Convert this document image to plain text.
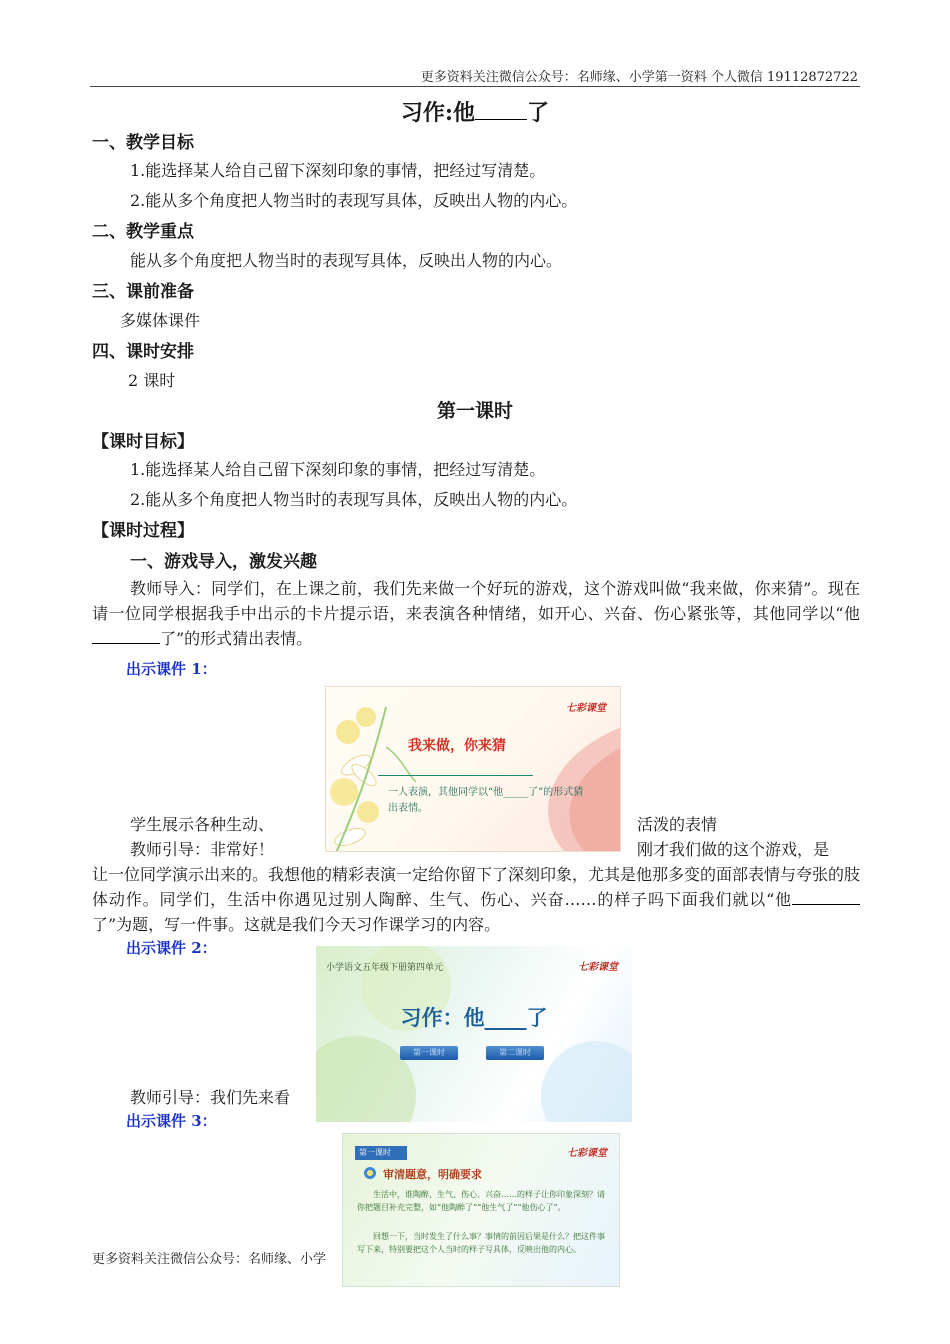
更多资料关注微信公众号：名师缘、小学第一资料 个人微信 19112872722
习作:他 了
一、教学目标
1.能选择某人给自己留下深刻印象的事情，把经过写清楚。
2.能从多个角度把人物当时的表现写具体，反映出人物的内心。
二、教学重点
能从多个角度把人物当时的表现写具体，反映出人物的内心。
三、课前准备
多媒体课件
四、课时安排
2 课时
第一课时
【课时目标】
1.能选择某人给自己留下深刻印象的事情，把经过写清楚。
2.能从多个角度把人物当时的表现写具体，反映出人物的内心。
【课时过程】
一、游戏导入，激发兴趣
教师导入：同学们，在上课之前，我们先来做一个好玩的游戏，这个游戏叫做“我来做，你来猜”。现在请一位同学根据我手中出示的卡片提示语，来表演各种情绪，如开心、兴奋、伤心紧张等，其他同学以“他了”的形式猜出表情。
出示课件 1：
七彩课堂
我来做，你来猜
一人表演，其他同学以“他_____了”的形式猜出表情。
学生展示各种生动、	活泼的表情
教师引导：非常好！	刚才我们做的这个游戏，是
让一位同学演示出来的。我想他的精彩表演一定给你留下了深刻印象，尤其是他那多变的面部表情与夸张的肢体动作。同学们，生活中你遇见过别人陶醉、生气、伤心、兴奋……的样子吗下面我们就以“他了”为题，写一件事。这就是我们今天习作课学习的内容。
出示课件 2：
小学语文五年级下册第四单元	七彩课堂
习作：他____了
第一课时	第二课时
教师引导：我们先来看
出示课件 3：
第一课时	七彩课堂
审清题意，明确要求
生活中，谁陶醉、生气、伤心、兴奋……的样子让你印象深刻？请你把题目补充完整，如“他陶醉了”“他生气了”“他伤心了”。
回想一下，当时发生了什么事？事情的前因后果是什么？把这件事写下来，特别要把这个人当时的样子写具体，反映出他的内心。
更多资料关注微信公众号：名师缘、小学
